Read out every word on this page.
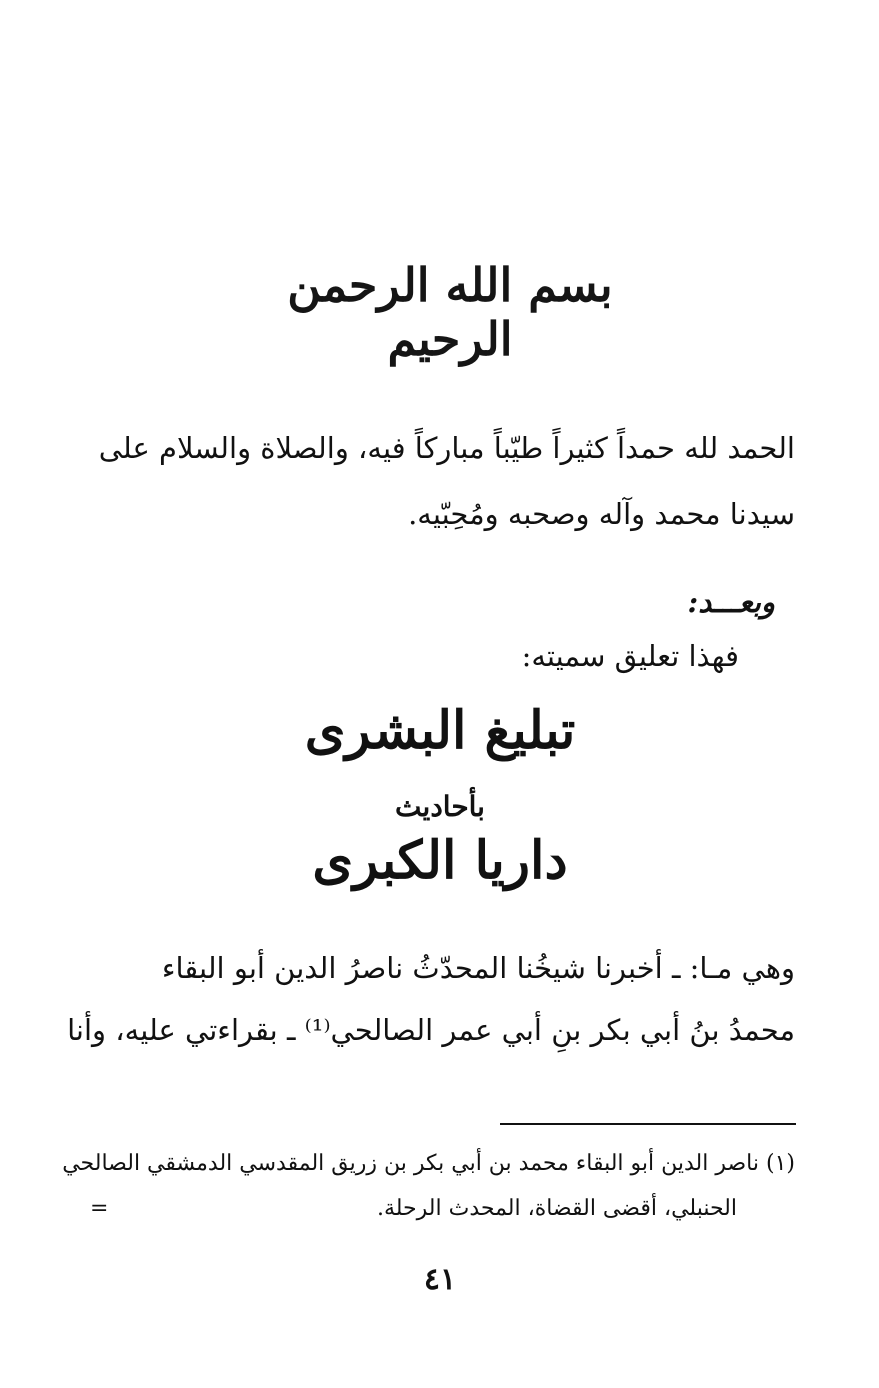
بسم الله الرحمن الرحيم
الحمد لله حمداً كثيراً طيّباً مباركاً فيه، والصلاة والسلام على
سيدنا محمد وآله وصحبه ومُحِبّيه.
وبعـــد:
فهذا تعليق سميته:
تبليغ البشرى
بأحاديث
داريا الكبرى
وهي مـا: ـ أخبرنا شيخُنا المحدّثُ ناصرُ الدين أبو البقاء
محمدُ بنُ أبي بكر بنِ أبي عمر الصالحي⁽¹⁾ ـ بقراءتي عليه، وأنا
(١) ناصر الدين أبو البقاء محمد بن أبي بكر بن زريق المقدسي الدمشقي الصالحي
الحنبلي، أقضى القضاة، المحدث الرحلة.
=
٤١
